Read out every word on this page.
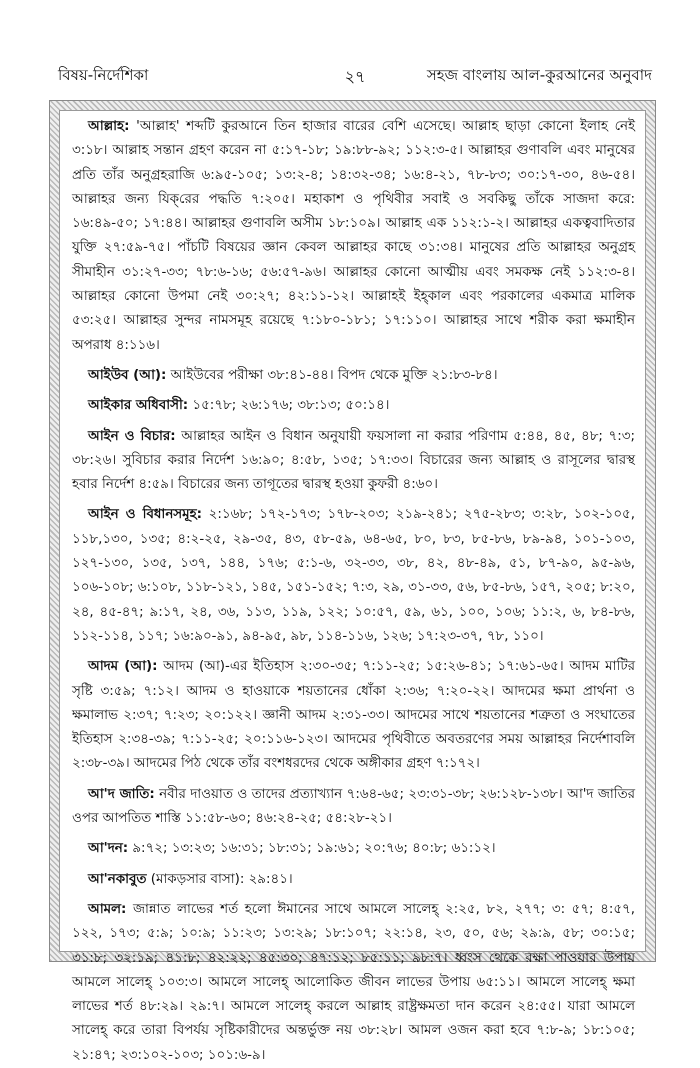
বিষয়-নির্দেশিকা	২৭	সহজ বাংলায় আল-কুরআনের অনুবাদ

আল্লাহ: 'আল্লাহ' শব্দটি কুরআনে তিন হাজার বারের বেশি এসেছে। আল্লাহ ছাড়া কোনো ইলাহ নেই ৩:১৮। আল্লাহ সন্তান গ্রহণ করেন না ৫:১৭-১৮; ১৯:৮৮-৯২; ১১২:৩-৫। আল্লাহর গুণাবলি এবং মানুষের প্রতি তাঁর অনুগ্রহরাজি ৬:৯৫-১০৫; ১৩:২-৪; ১৪:৩২-৩৪; ১৬:৪-২১, ৭৮-৮৩; ৩০:১৭-৩০, ৪৬-৫৪। আল্লাহর জন্য যিক্‌রের পদ্ধতি ৭:২০৫। মহাকাশ ও পৃথিবীর সবাই ও সবকিছু তাঁকে সাজদা করে: ১৬:৪৯-৫০; ১৭:৪৪। আল্লাহর গুণাবলি অসীম ১৮:১০৯। আল্লাহ এক ১১২:১-২। আল্লাহর একত্ববাদিতার যুক্তি ২৭:৫৯-৭৫। পাঁচটি বিষয়ের জ্ঞান কেবল আল্লাহর কাছে ৩১:৩৪। মানুষের প্রতি আল্লাহর অনুগ্রহ সীমাহীন ৩১:২৭-৩৩; ৭৮:৬-১৬; ৫৬:৫৭-৯৬। আল্লাহর কোনো আত্মীয় এবং সমকক্ষ নেই ১১২:৩-৪। আল্লাহর কোনো উপমা নেই ৩০:২৭; ৪২:১১-১২। আল্লাহই ইহ্‌কাল এবং পরকালের একমাত্র মালিক ৫৩:২৫। আল্লাহর সুন্দর নামসমূহ রয়েছে ৭:১৮০-১৮১; ১৭:১১০। আল্লাহর সাথে শরীক করা ক্ষমাহীন অপরাধ ৪:১১৬।

আইউব (আ): আইউবের পরীক্ষা ৩৮:৪১-৪৪। বিপদ থেকে মুক্তি ২১:৮৩-৮৪।

আইকার অধিবাসী: ১৫:৭৮; ২৬:১৭৬; ৩৮:১৩; ৫০:১৪।

আইন ও বিচার: আল্লাহর আইন ও বিধান অনুযায়ী ফয়সালা না করার পরিণাম ৫:৪৪, ৪৫, ৪৮; ৭:৩; ৩৮:২৬। সুবিচার করার নির্দেশ ১৬:৯০; ৪:৫৮, ১৩৫; ১৭:৩৩। বিচারের জন্য আল্লাহ ও রাসূলের দ্বারস্থ হবার নির্দেশ ৪:৫৯। বিচারের জন্য তাগূতের দ্বারস্থ হওয়া কুফরী ৪:৬০।

আইন ও বিধানসমূহ: ২:১৬৮; ১৭২-১৭৩; ১৭৮-২০৩; ২১৯-২৪১; ২৭৫-২৮৩; ৩:২৮, ১০২-১০৫, ১১৮,১৩০, ১৩৫; ৪:২-২৫, ২৯-৩৫, ৪৩, ৫৮-৫৯, ৬৪-৬৫, ৮০, ৮৩, ৮৫-৮৬, ৮৯-৯৪, ১০১-১০৩, ১২৭-১৩০, ১৩৫, ১৩৭, ১৪৪, ১৭৬; ৫:১-৬, ৩২-৩৩, ৩৮, ৪২, ৪৮-৪৯, ৫১, ৮৭-৯০, ৯৫-৯৬, ১০৬-১০৮; ৬:১০৮, ১১৮-১২১, ১৪৫, ১৫১-১৫২; ৭:৩, ২৯, ৩১-৩৩, ৫৬, ৮৫-৮৬, ১৫৭, ২০৫; ৮:২০, ২৪, ৪৫-৪৭; ৯:১৭, ২৪, ৩৬, ১১৩, ১১৯, ১২২; ১০:৫৭, ৫৯, ৬১, ১০০, ১০৬; ১১:২, ৬, ৮৪-৮৬, ১১২-১১৪, ১১৭; ১৬:৯০-৯১, ৯৪-৯৫, ৯৮, ১১৪-১১৬, ১২৬; ১৭:২৩-৩৭, ৭৮, ১১০।

আদম (আ): আদম (আ)-এর ইতিহাস ২:৩০-৩৫; ৭:১১-২৫; ১৫:২৬-৪১; ১৭:৬১-৬৫। আদম মাটির সৃষ্টি ৩:৫৯; ৭:১২। আদম ও হাওয়াকে শয়তানের ধোঁকা ২:৩৬; ৭:২০-২২। আদমের ক্ষমা প্রার্থনা ও ক্ষমালাভ ২:৩৭; ৭:২৩; ২০:১২২। জ্ঞানী আদম ২:৩১-৩৩। আদমের সাথে শয়তানের শত্রুতা ও সংঘাতের ইতিহাস ২:৩৪-৩৯; ৭:১১-২৫; ২০:১১৬-১২৩। আদমের পৃথিবীতে অবতরণের সময় আল্লাহর নির্দেশাবলি ২:৩৮-৩৯। আদমের পিঠ থেকে তাঁর বংশধরদের থেকে অঙ্গীকার গ্রহণ ৭:১৭২।

আ'দ জাতি: নবীর দাওয়াত ও তাদের প্রত্যাখ্যান ৭:৬৪-৬৫; ২৩:৩১-৩৮; ২৬:১২৮-১৩৮। আ'দ জাতির ওপর আপতিত শাস্তি ১১:৫৮-৬০; ৪৬:২৪-২৫; ৫৪:২৮-২১।

আ'দন: ৯:৭২; ১৩:২৩; ১৬:৩১; ১৮:৩১; ১৯:৬১; ২০:৭৬; ৪০:৮; ৬১:১২।

আ'নকাবুত (মাকড়সার বাসা): ২৯:৪১।

আমল: জান্নাত লাভের শর্ত হলো ঈমানের সাথে আমলে সালেহ্‌ ২:২৫, ৮২, ২৭৭; ৩: ৫৭; ৪:৫৭, ১২২, ১৭৩; ৫:৯; ১০:৯; ১১:২৩; ১৩:২৯; ১৮:১০৭; ২২:১৪, ২৩, ৫০, ৫৬; ২৯:৯, ৫৮; ৩০:১৫; ৩১:৮; ৩২:১৯; ৪১:৮; ৪২:২২; ৪৫:৩০; ৪৭:১২; ৮৫:১১; ৯৮:৭। ধ্বংস থেকে রক্ষা পাওয়ার উপায় আমলে সালেহ্‌ ১০৩:৩। আমলে সালেহ্‌ আলোকিত জীবন লাভের উপায় ৬৫:১১। আমলে সালেহ্‌ ক্ষমা লাভের শর্ত ৪৮:২৯। ২৯:৭। আমলে সালেহ্‌ করলে আল্লাহ রাষ্ট্রক্ষমতা দান করেন ২৪:৫৫। যারা আমলে সালেহ্‌ করে তারা বিপর্যয় সৃষ্টিকারীদের অন্তর্ভুক্ত নয় ৩৮:২৮। আমল ওজন করা হবে ৭:৮-৯; ১৮:১০৫; ২১:৪৭; ২৩:১০২-১০৩; ১০১:৬-৯।
